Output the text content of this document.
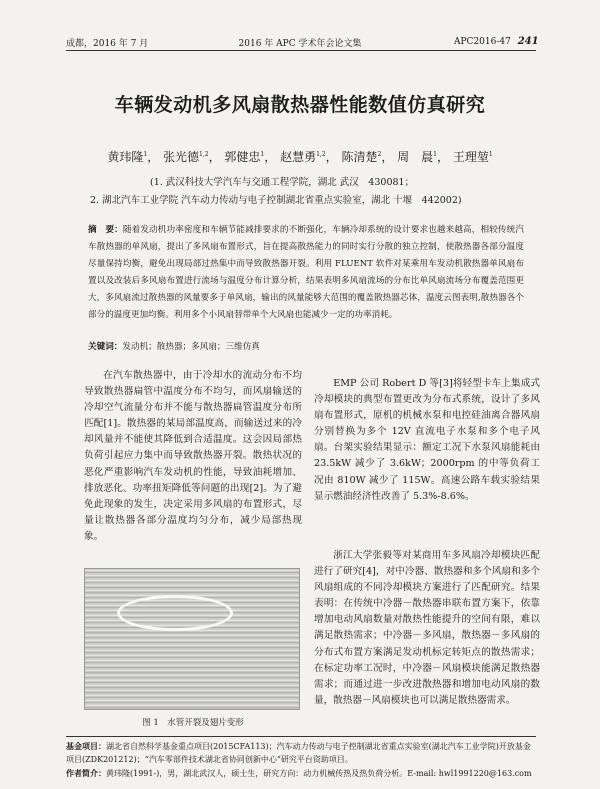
成都，2016 年 7 月	2016 年 APC 学术年会论文集	APC2016-47 241
车辆发动机多风扇散热器性能数值仿真研究
黄玮隆$^1$， 张光德$^{1,2}$， 郭健忠$^1$， 赵慧勇$^{1,2}$， 陈清楚$^2$， 周　晨$^1$， 王理堃$^1$
(1. 武汉科技大学汽车与交通工程学院，湖北 武汉　430081；
2. 湖北汽车工业学院 汽车动力传动与电子控制湖北省重点实验室，湖北 十堰　442002)
摘　要：随着发动机功率密度和车辆节能减排要求的不断强化，车辆冷却系统的设计要求也越来越高，相较传统汽车散热器的单风扇，提出了多风扇布置形式，旨在提高散热能力的同时实行分散的独立控制，使散热器各部分温度尽量保持均衡，避免出现局部过热集中而导致散热器开裂。利用 FLUENT 软件对某乘用车发动机散热器单风扇布置以及改装后多风扇布置进行流场与温度分布计算分析，结果表明多风扇流场的分布比单风扇流场分布覆盖范围更大，多风扇流过散热器的风量要多于单风扇，输出的风量能够大范围的覆盖散热器芯体，温度云图表明,散热器各个部分的温度更加均衡。利用多个小风扇替带单个大风扇也能减少一定的功率消耗。
关键词：发动机；散热器；多风扇；三维仿真
在汽车散热器中，由于冷却水的流动分布不均导致散热器扁管中温度分布不均匀，而风扇输送的冷却空气流量分布并不能与散热器扁管温度分布所匹配[1]。散热器的某局部温度高，而输送过来的冷却风量并不能使其降低到合适温度。这会因局部热负荷引起应力集中而导致散热器开裂。散热状况的恶化严重影响汽车发动机的性能，导致油耗增加、排放恶化、功率扭矩降低等问题的出现[2]。为了避免此现象的发生，决定采用多风扇的布置形式，尽量让散热器各部分温度均匀分布，减少局部热现象。
图 1　水管开裂及翅片变形
EMP 公司 Robert D 等[3]将轻型卡车上集成式冷却模块的典型布置更改为分布式系统，设计了多风扇布置形式，原机的机械水泵和电控硅油离合器风扇分别替换为多个 12V 直流电子水泵和多个电子风扇。台架实验结果显示：额定工况下水泵风扇能耗由 23.5kW 减少了 3.6kW；2000rpm 的中等负荷工况由 810W 减少了 115W。高速公路车载实验结果显示燃油经济性改善了 5.3%-8.6%。
浙江大学张毅等对某商用车多风扇冷却模块匹配进行了研究[4]，对中冷器、散热器和多个风扇和多个风扇组成的不同冷却模块方案进行了匹配研究。结果表明：在传统中冷器－散热器串联布置方案下，依靠增加电动风扇数量对散热性能提升的空间有限，难以满足散热需求；中冷器－多风扇，散热器－多风扇的分布式布置方案满足发动机标定转矩点的散热需求；在标定功率工况时，中冷器－风扇模块能满足散热器需求；而通过进一步改进散热器和增加电动风扇的数量，散热器－风扇模块也可以满足散热器需求。
基金项目：湖北省自然科学基金重点项目(2015CFA113)；汽车动力传动与电子控制湖北省重点实验室(湖北汽车工业学院)开放基金项目(ZDK201212)；“汽车零部件技术湖北省协同创新中心”研究平台资助项目。
作者简介：黄玮隆(1991-)，男，湖北武汉人，硕士生，研究方向：动力机械传热及热负荷分析。E-mail: hwl1991220@163.com
